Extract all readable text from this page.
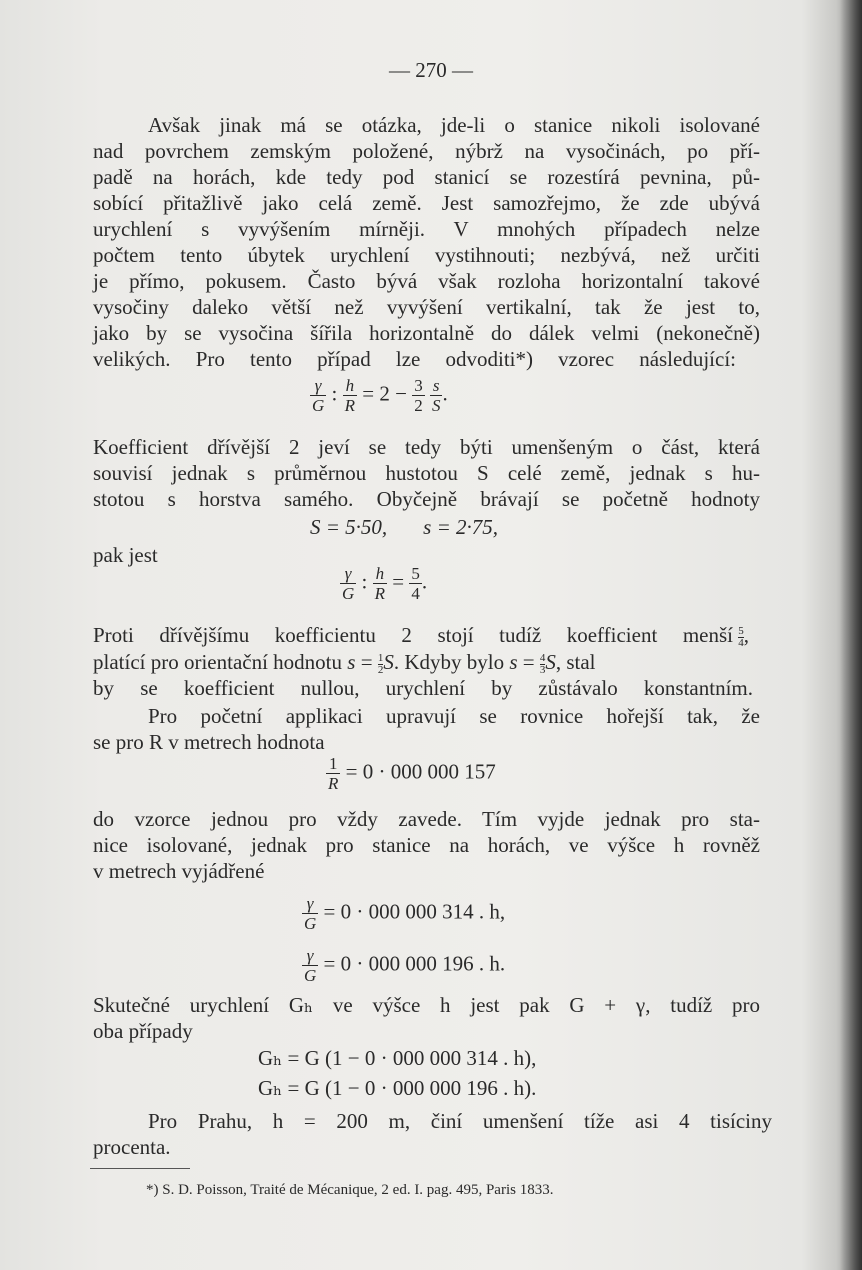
— 270 —
Avšak jinak má se otázka, jde-li o stanice nikoli isolované
nad povrchem zemským položené, nýbrž na vysočinách, po pří-
padě na horách, kde tedy pod stanicí se rozestírá pevnina, pů-
sobící přitažlivě jako celá země. Jest samozřejmo, že zde ubývá
urychlení s vyvýšením mírněji. V mnohých případech nelze
počtem tento úbytek urychlení vystihnouti; nezbývá, než určiti
je přímo, pokusem. Často bývá však rozloha horizontalní takové
vysočiny daleko větší než vyvýšení vertikalní, tak že jest to,
jako by se vysočina šířila horizontalně do dálek velmi (nekonečně)
velikých. Pro tento případ lze odvoditi*) vzorec následující:
$\frac{\gamma}{G}$ : $\frac{h}{R} = 2 - \frac{3}{2}$
$\frac{s}{S}$ .
Koefficient dřívější 2 jeví se tedy býti umenšeným o část, která
souvisí jednak s průměrnou hustotou S celé země, jednak s hu-
stotou s horstva samého. Obyčejně brávají se početně hodnoty
S = 5·50, s = 2·75,
pak jest
$\frac{\gamma}{G}$ : $\frac{h}{R} = \frac{5}{4}$ .
Proti dřívějšímu koefficientu 2 stojí tudíž koefficient menší $\frac{5}{4}$ ,
platící pro orientační hodnotu $s = \frac{1}{2} S$. Kdyby bylo $s = \frac{4}{3} S$, stal
by se koefficient nullou, urychlení by zůstávalo konstantním.
Pro početní applikaci upravují se rovnice hořejší tak, že
se pro R v metrech hodnota
$\frac{1}{R} = 0 \cdot 000$ 000 157
do vzorce jednou pro vždy zavede. Tím vyjde jednak pro sta-
nice isolované, jednak pro stanice na horách, ve výšce h rovněž
v metrech vyjádřené
$\frac{\gamma}{G} = 0 \cdot 000$ 000 314 . h,
$\frac{\gamma}{G} = 0 \cdot 000$ 000 196 . h.
Skutečné urychlení Gₕ ve výšce h jest pak G + γ, tudíž pro
oba případy
Gₕ = G (1 − 0 · 000 000 314 . h),
Gₕ = G (1 − 0 · 000 000 196 . h).
Pro Prahu, h = 200 m, činí umenšení tíže asi 4 tisíciny
procenta.
*) S. D. Poisson, Traité de Mécanique, 2 ed. I. pag. 495, Paris 1833.
